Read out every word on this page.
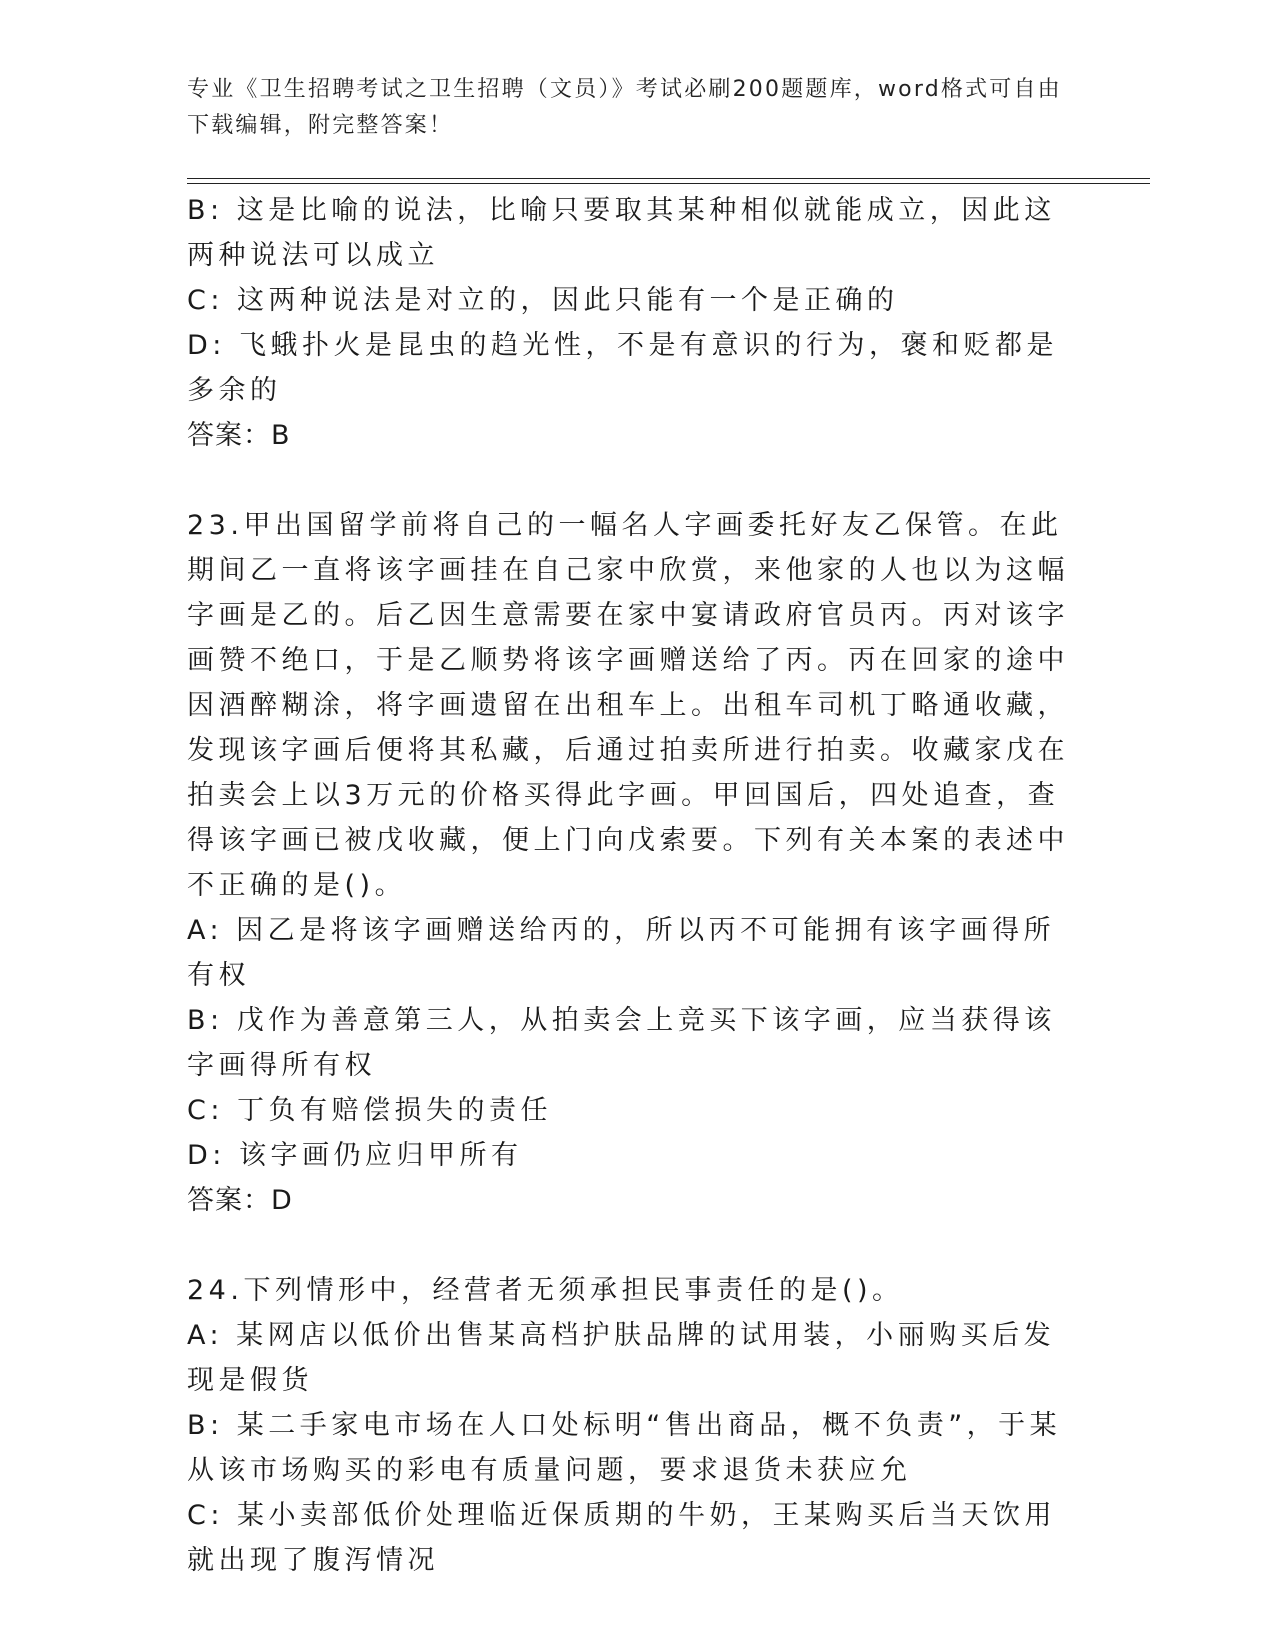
专业《卫生招聘考试之卫生招聘（文员）》考试必刷200题题库，word格式可自由下载编辑，附完整答案！

B: 这是比喻的说法，比喻只要取其某种相似就能成立，因此这两种说法可以成立

C: 这两种说法是对立的，因此只能有一个是正确的

D: 飞蛾扑火是昆虫的趋光性，不是有意识的行为，褒和贬都是多余的

答案：B

23.甲出国留学前将自己的一幅名人字画委托好友乙保管。在此期间乙一直将该字画挂在自己家中欣赏，来他家的人也以为这幅字画是乙的。后乙因生意需要在家中宴请政府官员丙。丙对该字画赞不绝口，于是乙顺势将该字画赠送给了丙。丙在回家的途中因酒醉糊涂，将字画遗留在出租车上。出租车司机丁略通收藏，发现该字画后便将其私藏，后通过拍卖所进行拍卖。收藏家戊在拍卖会上以3万元的价格买得此字画。甲回国后，四处追查，查得该字画已被戊收藏，便上门向戊索要。下列有关本案的表述中不正确的是()。

A: 因乙是将该字画赠送给丙的，所以丙不可能拥有该字画得所有权

B: 戊作为善意第三人，从拍卖会上竞买下该字画，应当获得该字画得所有权

C: 丁负有赔偿损失的责任

D: 该字画仍应归甲所有

答案：D

24.下列情形中，经营者无须承担民事责任的是()。

A: 某网店以低价出售某高档护肤品牌的试用装，小丽购买后发现是假货

B: 某二手家电市场在人口处标明“售出商品，概不负责”，于某从该市场购买的彩电有质量问题，要求退货未获应允

C: 某小卖部低价处理临近保质期的牛奶，王某购买后当天饮用就出现了腹泻情况
